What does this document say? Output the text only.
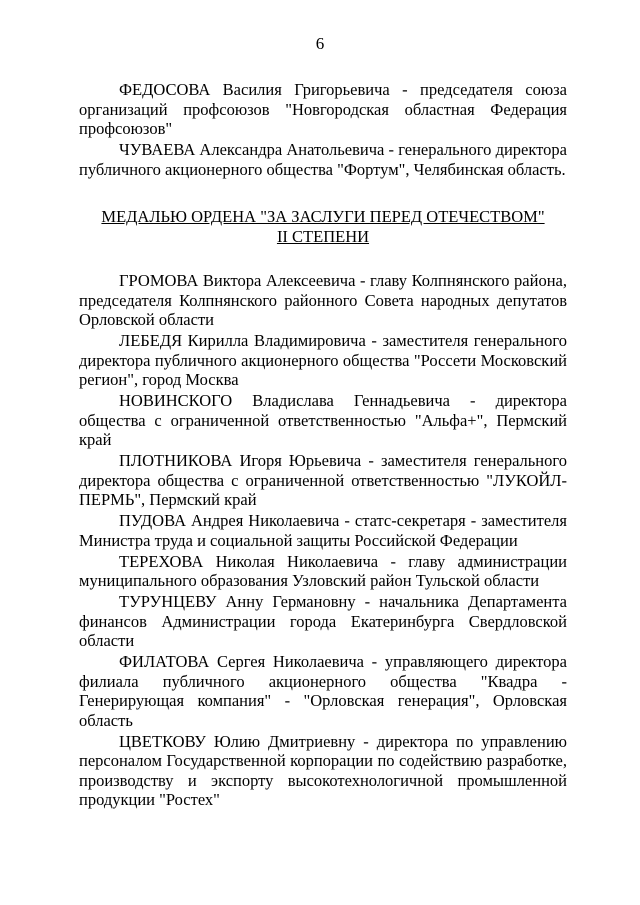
6

ФЕДОСОВА Василия Григорьевича - председателя союза организаций профсоюзов "Новгородская областная Федерация профсоюзов"

ЧУВАЕВА Александра Анатольевича - генерального директора публичного акционерного общества "Фортум", Челябинская область.

МЕДАЛЬЮ ОРДЕНА "ЗА ЗАСЛУГИ ПЕРЕД ОТЕЧЕСТВОМ"
II СТЕПЕНИ

ГРОМОВА Виктора Алексеевича - главу Колпнянского района, председателя Колпнянского районного Совета народных депутатов Орловской области

ЛЕБЕДЯ Кирилла Владимировича - заместителя генерального директора публичного акционерного общества "Россети Московский регион", город Москва

НОВИНСКОГО Владислава Геннадьевича - директора общества с ограниченной ответственностью "Альфа+", Пермский край

ПЛОТНИКОВА Игоря Юрьевича - заместителя генерального директора общества с ограниченной ответственностью "ЛУКОЙЛ-ПЕРМЬ", Пермский край

ПУДОВА Андрея Николаевича - статс-секретаря - заместителя Министра труда и социальной защиты Российской Федерации

ТЕРЕХОВА Николая Николаевича - главу администрации муниципального образования Узловский район Тульской области

ТУРУНЦЕВУ Анну Германовну - начальника Департамента финансов Администрации города Екатеринбурга Свердловской области

ФИЛАТОВА Сергея Николаевича - управляющего директора филиала публичного акционерного общества "Квадра - Генерирующая компания" - "Орловская генерация", Орловская область

ЦВЕТКОВУ Юлию Дмитриевну - директора по управлению персоналом Государственной корпорации по содействию разработке, производству и экспорту высокотехнологичной промышленной продукции "Ростех"
